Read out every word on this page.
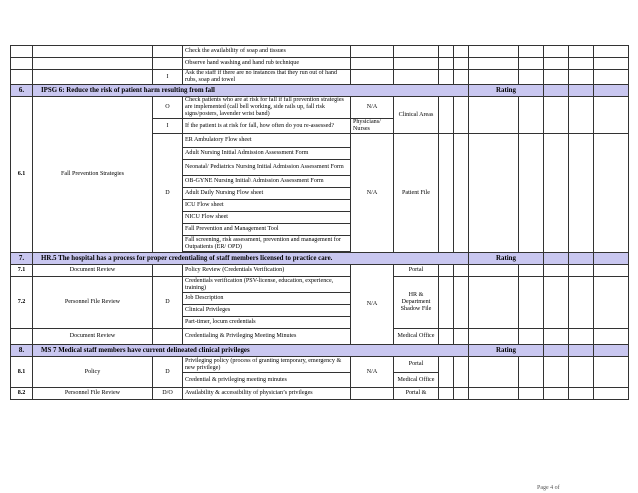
			Check the availability of soap and tissues									
			Observe hand washing and hand rub technique									
		I	Ask the staff if there are no instances that they run out of hand rubs, soap and towel									
6.	IPSG 6: Reduce the risk of patient harm resulting from fall							Rating				
6.1	Fall Prevention Strategies	O	Check patients who are at risk for fall if fall prevention strategies are implemented (call bell working, side rails up, fall risk signs/posters, lavender wrist band)	N/A	Clinical Areas							
		I	If the patient is at risk for fall, how often do you re-assessed?	Physicians/ Nurses								
		D	ER Ambulatory Flow sheet	N/A	Patient File							
			Adult Nursing Initial Admission Assessment Form									
			Neonatal/ Pediatrics Nursing Initial Admission Assessment Form									
			OB-GYNE Nursing Initial\ Admission Assessment Form									
			Adult Daily Nursing Flow sheet									
			ICU Flow sheet									
			NICU Flow sheet									
			Fall Prevention and Management Tool									
			Fall screening, risk assessment, prevention and management for Outpatients (ER/ OPD)									

7.	HR.5 The hospital has a process for proper credentialing of staff members licensed to practice care.							Rating				
7.1	Document Review		Policy Review (Credentials Verification)	N/A	Portal							
7.2	Personnel File Review	D	Credentials verification (PSV-license, education, experience, training)		HR & Department Shadow File							
			Job Description									
			Clinical Privileges									
			Part-timer, locum credentials									
	Document Review		Credentialing & Privileging Meeting Minutes		Medical Office							
8.	MS 7 Medical staff members have current delineated clinical privileges							Rating				
8.1	Policy	D	Privileging policy (process of granting temporary, emergency & new privilege)	N/A	Portal							
			Credential & privileging meeting minutes		Medical Office							
8.2	Personnel File Review	D/O	Availability & accessibility of physician’s privileges		Portal &							
Page 4 of
